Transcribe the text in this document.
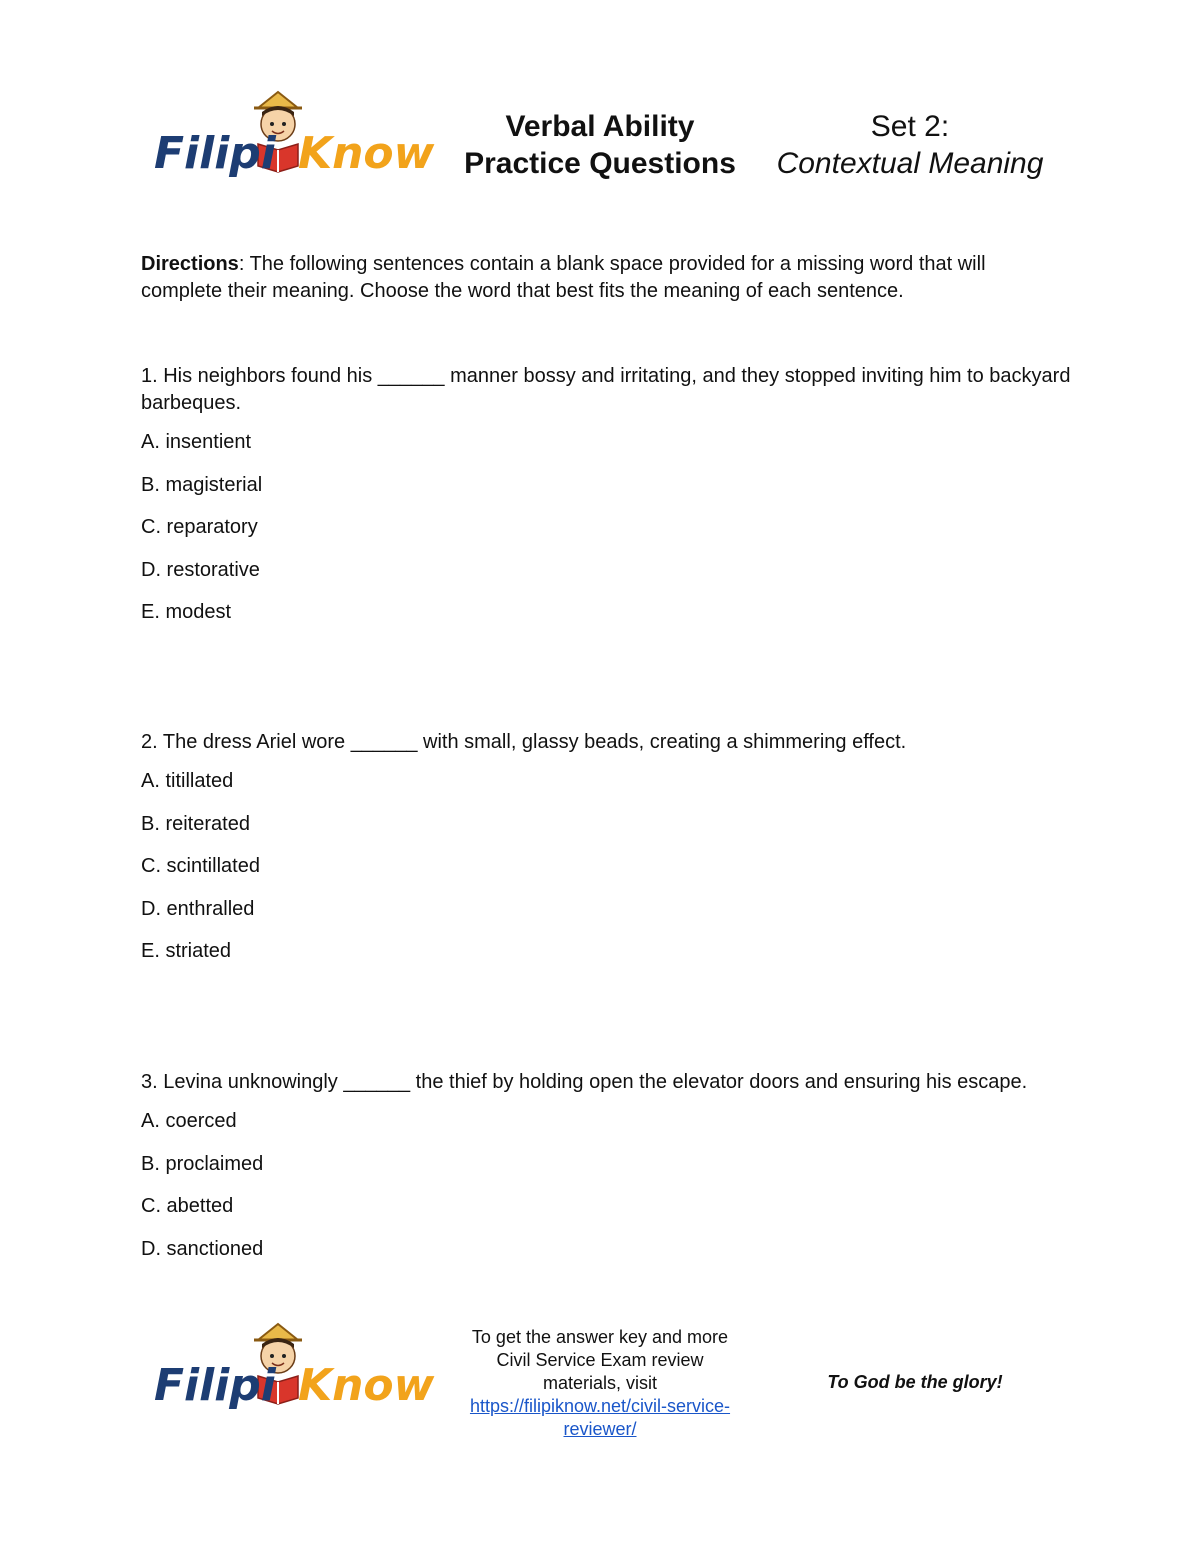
Filipi Know
Verbal Ability
Practice Questions
Set 2:
Contextual Meaning
Directions: The following sentences contain a blank space provided for a missing word that will complete their meaning. Choose the word that best fits the meaning of each sentence.
1. His neighbors found his ______ manner bossy and irritating, and they stopped inviting him to backyard barbeques.
A. insentient
B. magisterial
C. reparatory
D. restorative
E. modest
2. The dress Ariel wore ______ with small, glassy beads, creating a shimmering effect.
A. titillated
B. reiterated
C. scintillated
D. enthralled
E. striated
3. Levina unknowingly ______ the thief by holding open the elevator doors and ensuring his escape.
A. coerced
B. proclaimed
C. abetted
D. sanctioned
Filipi Know
To get the answer key and more
Civil Service Exam review
materials, visit
https://filipiknow.net/civil-service-
reviewer/
To God be the glory!
